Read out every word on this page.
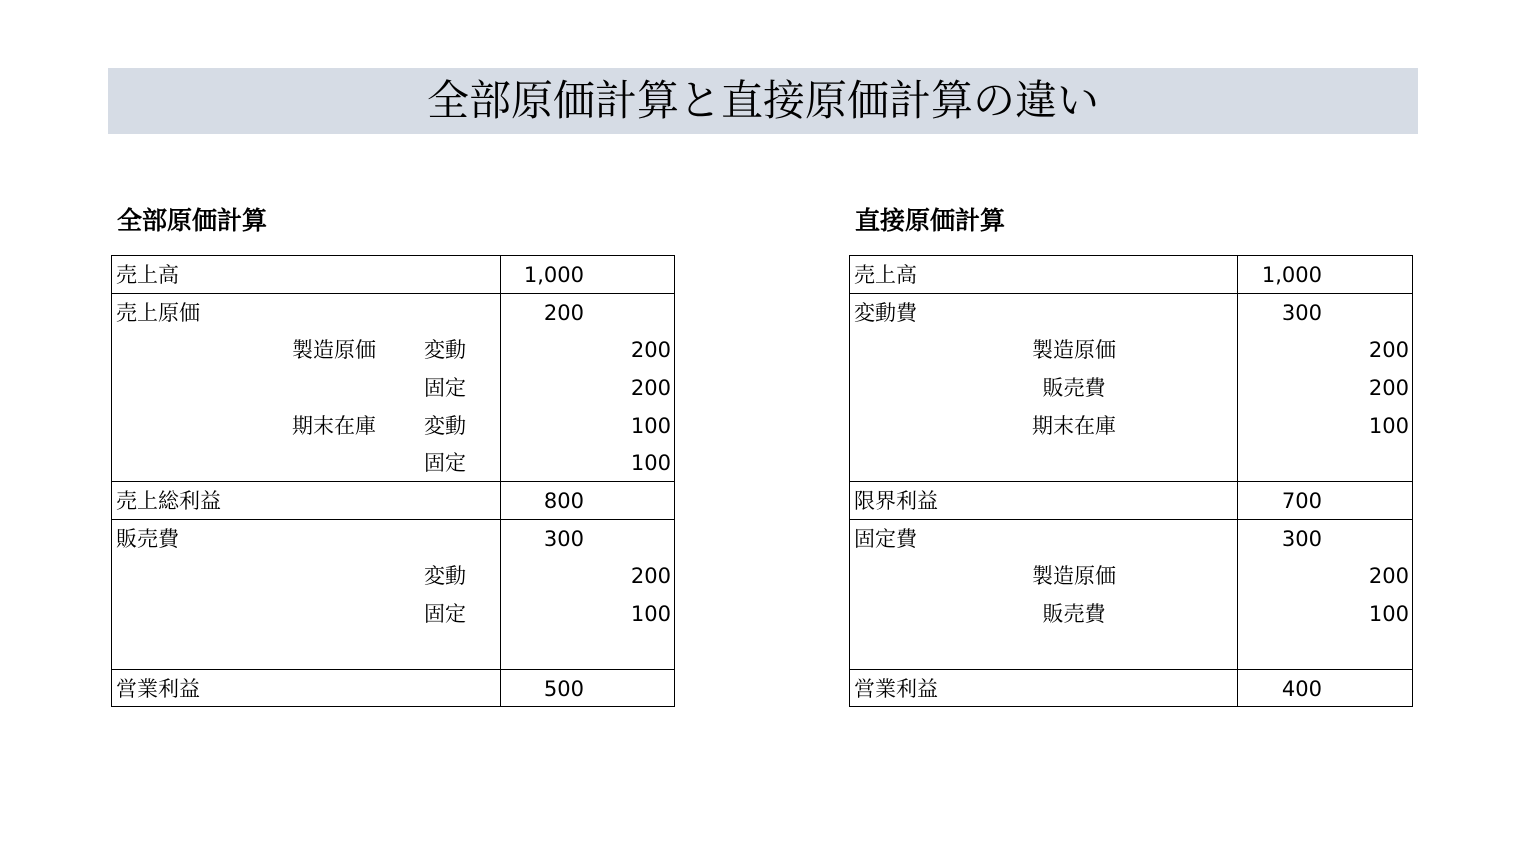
全部原価計算と直接原価計算の違い
全部原価計算
売上高	1,000
売上原価	200
製造原価 変動	200
固定	200
期末在庫 変動	100
固定	100
売上総利益	800
販売費	300
変動	200
固定	100
営業利益	500
直接原価計算
売上高	1,000
変動費	300
製造原価	200
販売費	200
期末在庫	100
限界利益	700
固定費	300
製造原価	200
販売費	100
営業利益	400
